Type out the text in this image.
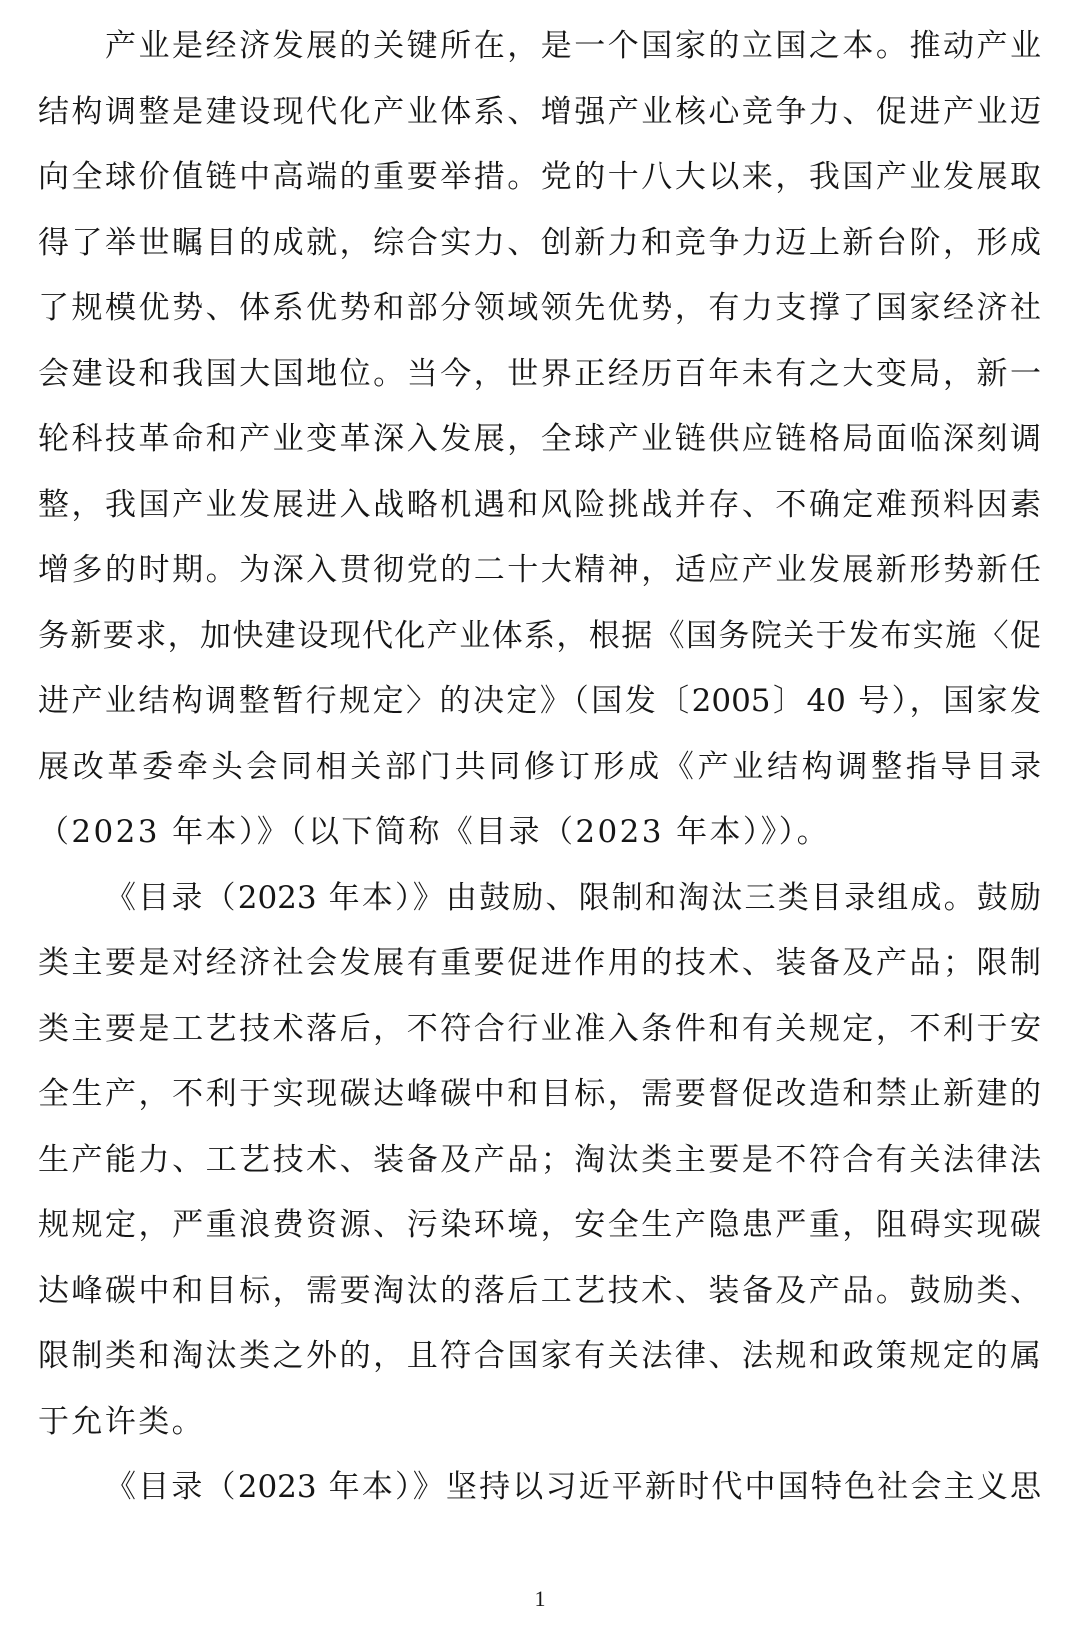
产业是经济发展的关键所在，是一个国家的立国之本。推动产业
结构调整是建设现代化产业体系、增强产业核心竞争力、促进产业迈
向全球价值链中高端的重要举措。党的十八大以来，我国产业发展取
得了举世瞩目的成就，综合实力、创新力和竞争力迈上新台阶，形成
了规模优势、体系优势和部分领域领先优势，有力支撑了国家经济社
会建设和我国大国地位。当今，世界正经历百年未有之大变局，新一
轮科技革命和产业变革深入发展，全球产业链供应链格局面临深刻调
整，我国产业发展进入战略机遇和风险挑战并存、不确定难预料因素
增多的时期。为深入贯彻党的二十大精神，适应产业发展新形势新任
务新要求，加快建设现代化产业体系，根据《国务院关于发布实施〈促
进产业结构调整暂行规定〉的决定》（国发〔2005〕40 号），国家发
展改革委牵头会同相关部门共同修订形成《产业结构调整指导目录
（2023 年本）》（以下简称《目录（2023 年本）》）。
《目录（2023 年本）》由鼓励、限制和淘汰三类目录组成。鼓励
类主要是对经济社会发展有重要促进作用的技术、装备及产品；限制
类主要是工艺技术落后，不符合行业准入条件和有关规定，不利于安
全生产，不利于实现碳达峰碳中和目标，需要督促改造和禁止新建的
生产能力、工艺技术、装备及产品；淘汰类主要是不符合有关法律法
规规定，严重浪费资源、污染环境，安全生产隐患严重，阻碍实现碳
达峰碳中和目标，需要淘汰的落后工艺技术、装备及产品。鼓励类、
限制类和淘汰类之外的，且符合国家有关法律、法规和政策规定的属
于允许类。
《目录（2023 年本）》坚持以习近平新时代中国特色社会主义思
1
